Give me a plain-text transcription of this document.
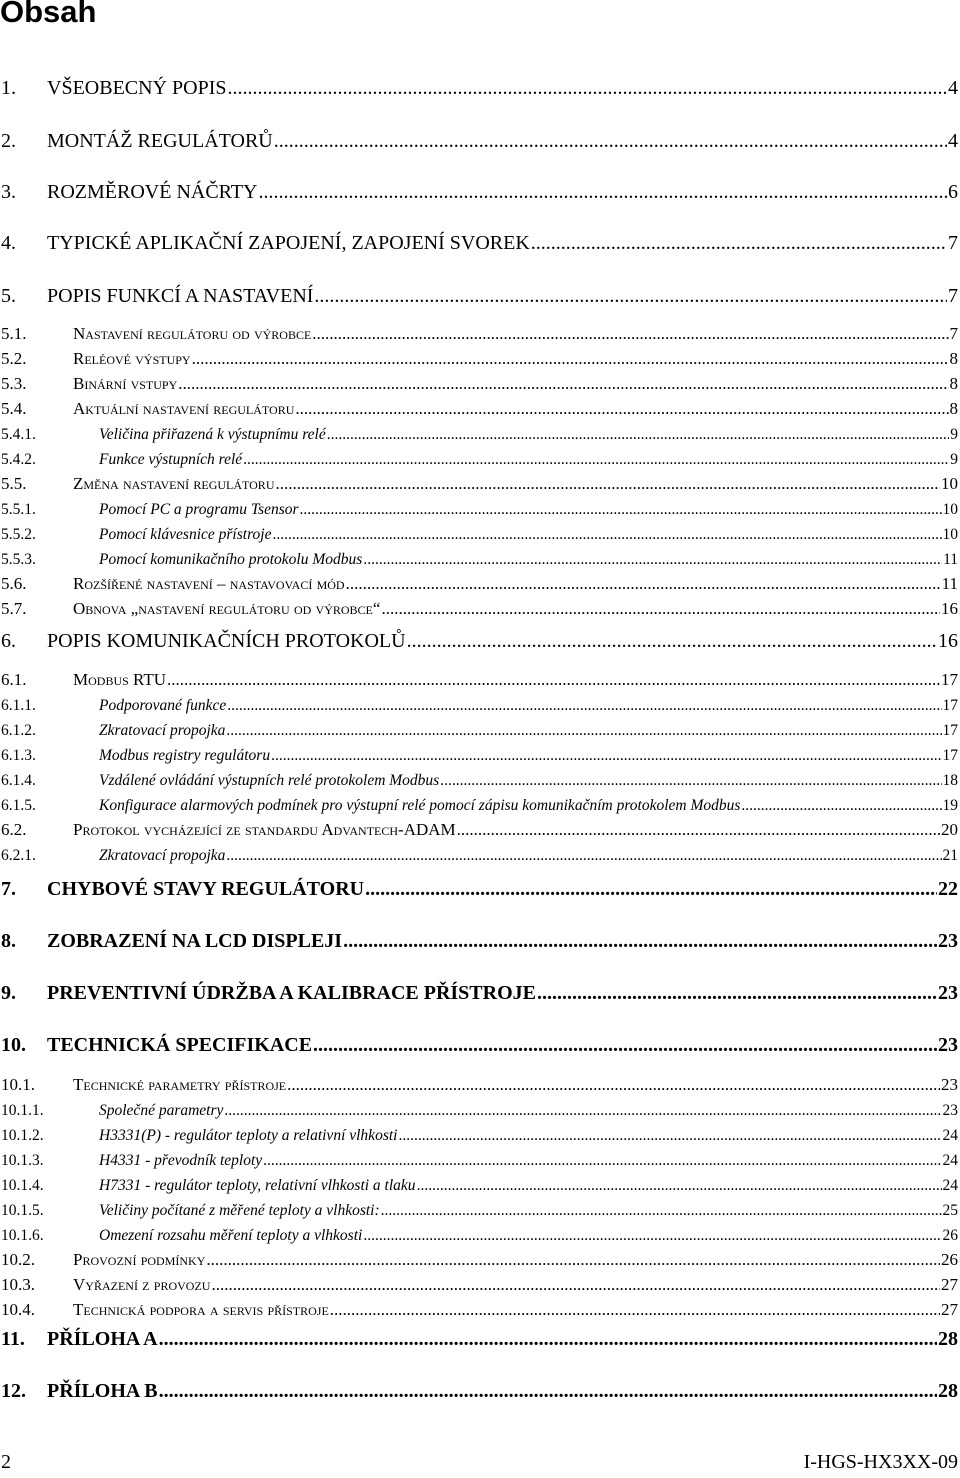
Obsah
1.	VŠEOBECNÝ POPIS .....	4
2.	MONTÁŽ REGULÁTORŮ .....	4
3.	ROZMĚROVÉ NÁČRTY .....	6
4.	TYPICKÉ APLIKAČNÍ ZAPOJENÍ, ZAPOJENÍ SVOREK .....	7
5.	POPIS FUNKCÍ A NASTAVENÍ .....	7
5.1.	Nastavení regulátoru od výrobce .....	7
5.2.	Reléové výstupy .....	8
5.3.	Binární vstupy .....	8
5.4.	Aktuální nastavení regulátoru .....	8
5.4.1.	Veličina přiřazená k výstupnímu relé .....	9
5.4.2.	Funkce výstupních relé .....	9
5.5.	Změna nastavení regulátoru .....	10
5.5.1.	Pomocí PC a programu Tsensor .....	10
5.5.2.	Pomocí klávesnice přístroje .....	10
5.5.3.	Pomocí komunikačního protokolu Modbus .....	11
5.6.	Rozšířené nastavení – nastavovací mód .....	11
5.7.	Obnova „nastavení regulátoru od výrobce“ .....	16
6.	POPIS KOMUNIKAČNÍCH PROTOKOLŮ .....	16
6.1.	Modbus RTU .....	17
6.1.1.	Podporované funkce .....	17
6.1.2.	Zkratovací propojka .....	17
6.1.3.	Modbus registry regulátoru .....	17
6.1.4.	Vzdálené ovládání výstupních relé protokolem Modbus .....	18
6.1.5.	Konfigurace alarmových podmínek pro výstupní relé pomocí zápisu komunikačním protokolem Modbus .....	19
6.2.	Protokol vycházející ze standardu Advantech-ADAM .....	20
6.2.1.	Zkratovací propojka .....	21
7.	CHYBOVÉ STAVY REGULÁTORU .....	22
8.	ZOBRAZENÍ NA LCD DISPLEJI .....	23
9.	PREVENTIVNÍ ÚDRŽBA A KALIBRACE PŘÍSTROJE .....	23
10.	TECHNICKÁ SPECIFIKACE .....	23
10.1.	Technické parametry přístroje .....	23
10.1.1.	Společné parametry .....	23
10.1.2.	H3331(P) - regulátor teploty a relativní vlhkosti .....	24
10.1.3.	H4331 - převodník teploty .....	24
10.1.4.	H7331 - regulátor teploty, relativní vlhkosti a tlaku .....	24
10.1.5.	Veličiny počítané z měřené teploty a vlhkosti: .....	25
10.1.6.	Omezení rozsahu měření teploty a vlhkosti .....	26
10.2.	Provozní podmínky .....	26
10.3.	Vyřazení z provozu .....	27
10.4.	Technická podpora a servis přístroje .....	27
11.	PŘÍLOHA A .....	28
12.	PŘÍLOHA B .....	28
2	I-HGS-HX3XX-09
